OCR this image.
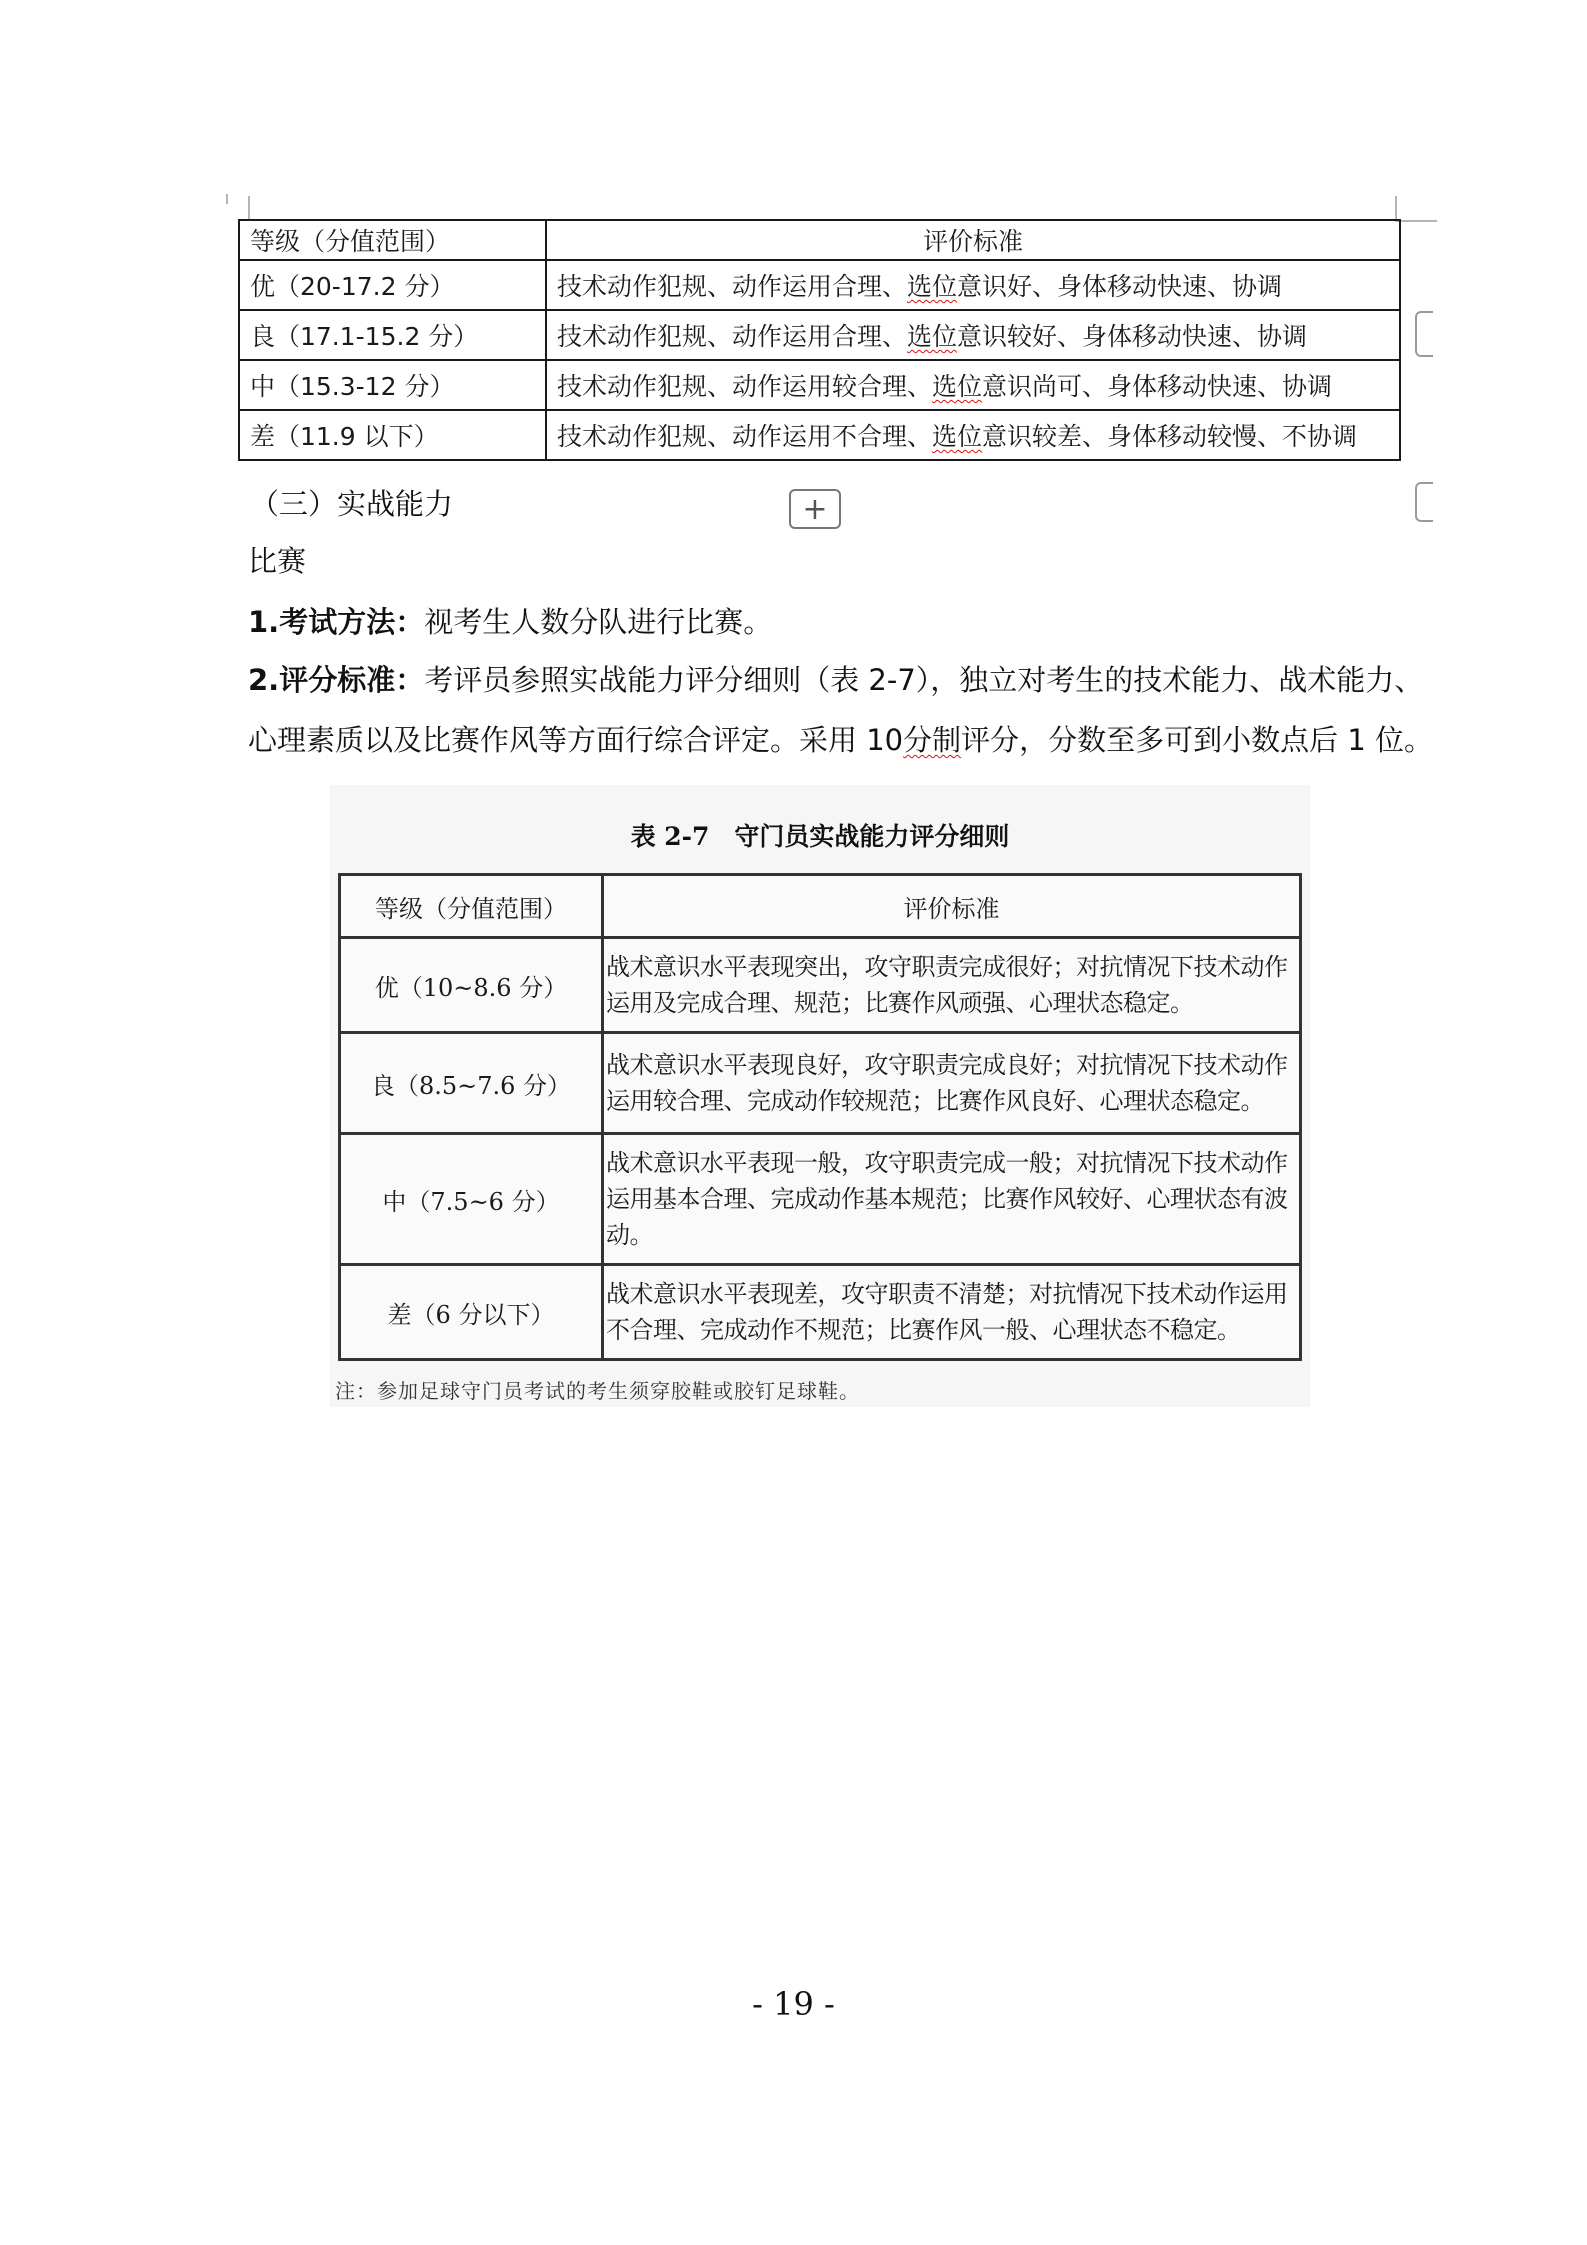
等级（分值范围）	评价标准
优（20-17.2 分）	技术动作犯规、动作运用合理、选位意识好、身体移动快速、协调
良（17.1-15.2 分）	技术动作犯规、动作运用合理、选位意识较好、身体移动快速、协调
中（15.3-12 分）	技术动作犯规、动作运用较合理、选位意识尚可、身体移动快速、协调
差（11.9 以下）	技术动作犯规、动作运用不合理、选位意识较差、身体移动较慢、不协调
（三）实战能力	+
比赛
1.考试方法：视考生人数分队进行比赛。
2.评分标准：考评员参照实战能力评分细则（表 2-7），独立对考生的技术能力、战术能力、
心理素质以及比赛作风等方面行综合评定。采用 10分制评分，分数至多可到小数点后 1 位。
表 2-7　守门员实战能力评分细则
等级（分值范围）	评价标准
优（10~8.6 分）	战术意识水平表现突出，攻守职责完成很好；对抗情况下技术动作运用及完成合理、规范；比赛作风顽强、心理状态稳定。
良（8.5~7.6 分）	战术意识水平表现良好，攻守职责完成良好；对抗情况下技术动作运用较合理、完成动作较规范；比赛作风良好、心理状态稳定。
中（7.5~6 分）	战术意识水平表现一般，攻守职责完成一般；对抗情况下技术动作运用基本合理、完成动作基本规范；比赛作风较好、心理状态有波动。
差（6 分以下）	战术意识水平表现差，攻守职责不清楚；对抗情况下技术动作运用不合理、完成动作不规范；比赛作风一般、心理状态不稳定。
注：参加足球守门员考试的考生须穿胶鞋或胶钉足球鞋。
- 19 -
